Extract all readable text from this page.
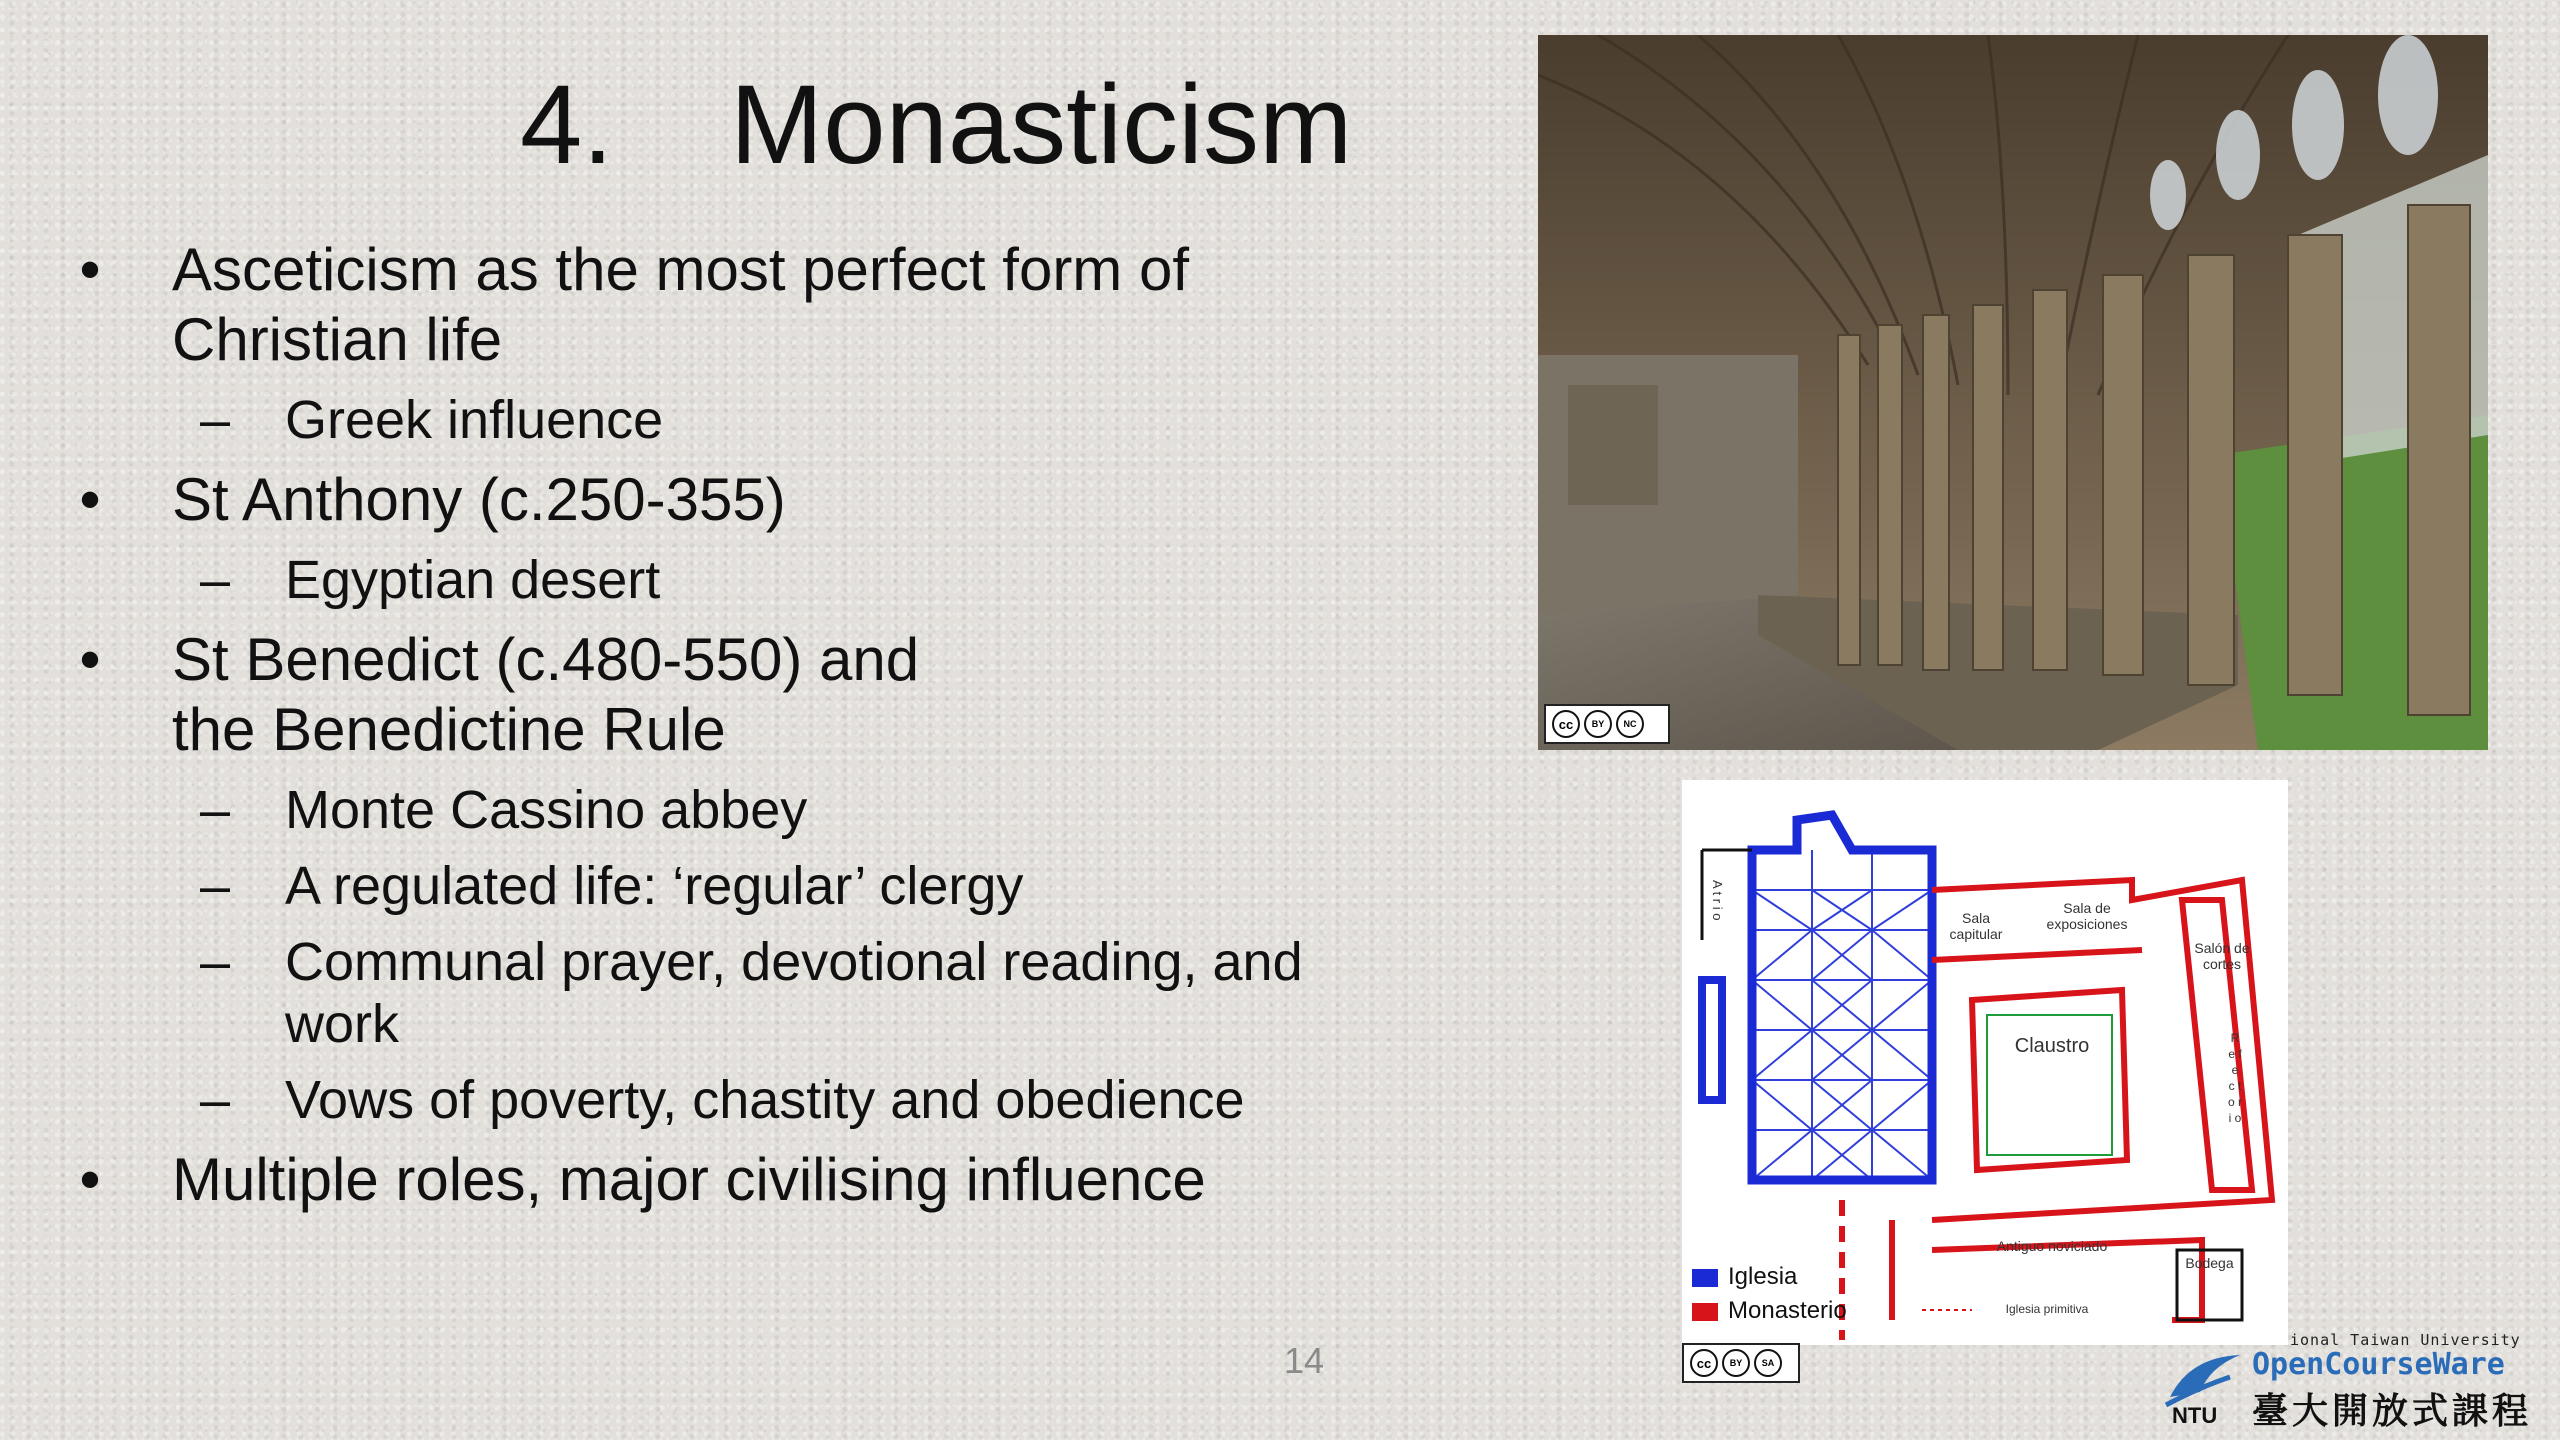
4. Monasticism
• Asceticism as the most perfect form of
Christian life
– Greek influence
• St Anthony (c.250-355)
– Egyptian desert
• St Benedict (c.480-550) and
the Benedictine Rule
– Monte Cassino abbey
– A regulated life: ‘regular’ clergy
– Communal prayer, devotional reading, and
work
– Vows of poverty, chastity and obedience
• Multiple roles, major civilising influence
cc	BY	NC
A t r i o	Sala capitular
Sala de exposiciones
Salón de cortes
Claustro	R e f e c t o r i o
Antiguo noviciado
Bodega
Iglesia primitiva
Iglesia
Monasterio
cc	BY	SA
14
NTU
ional Taiwan University
OpenCourseWare
臺大開放式課程
